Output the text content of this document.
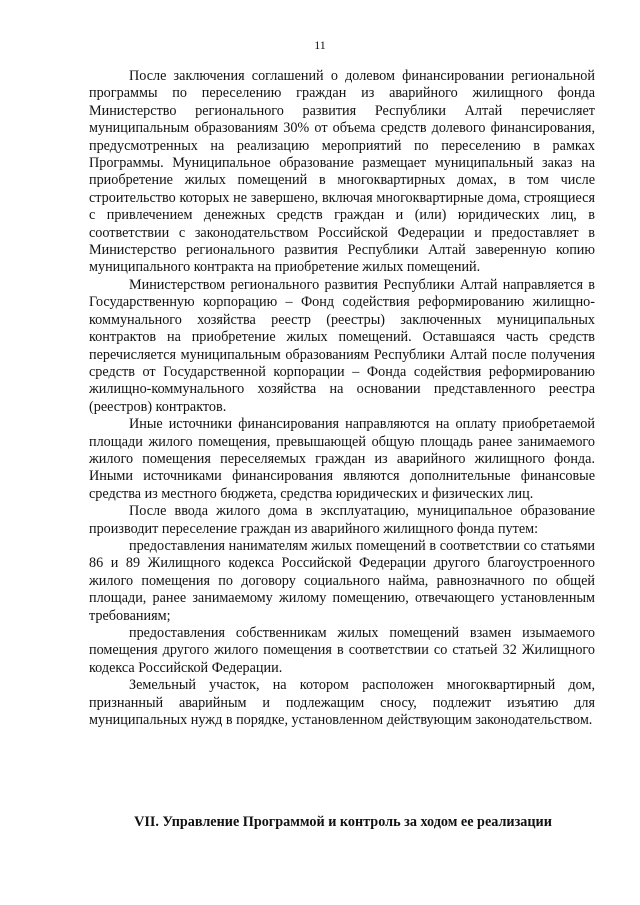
11

После заключения соглашений о долевом финансировании региональной программы по переселению граждан из аварийного жилищного фонда Министерство регионального развития Республики Алтай перечисляет муниципальным образованиям 30% от объема средств долевого финансирования, предусмотренных на реализацию мероприятий по переселению в рамках Программы. Муниципальное образование размещает муниципальный заказ на приобретение жилых помещений в многоквартирных домах, в том числе строительство которых не завершено, включая многоквартирные дома, строящиеся с привлечением денежных средств граждан и (или) юридических лиц, в соответствии с законодательством Российской Федерации и предоставляет в Министерство регионального развития Республики Алтай заверенную копию муниципального контракта на приобретение жилых помещений.

Министерством регионального развития Республики Алтай направляется в Государственную корпорацию – Фонд содействия реформированию жилищно-коммунального хозяйства реестр (реестры) заключенных муниципальных контрактов на приобретение жилых помещений. Оставшаяся часть средств перечисляется муниципальным образованиям Республики Алтай после получения средств от Государственной корпорации – Фонда содействия реформированию жилищно-коммунального хозяйства на основании представленного реестра (реестров) контрактов.

Иные источники финансирования направляются на оплату приобретаемой площади жилого помещения, превышающей общую площадь ранее занимаемого жилого помещения переселяемых граждан из аварийного жилищного фонда. Иными источниками финансирования являются дополнительные финансовые средства из местного бюджета, средства юридических и физических лиц.

После ввода жилого дома в эксплуатацию, муниципальное образование производит переселение граждан из аварийного жилищного фонда путем:

предоставления нанимателям жилых помещений в соответствии со статьями 86 и 89 Жилищного кодекса Российской Федерации другого благоустроенного жилого помещения по договору социального найма, равнозначного по общей площади, ранее занимаемому жилому помещению, отвечающего установленным требованиям;

предоставления собственникам жилых помещений взамен изымаемого помещения другого жилого помещения в соответствии со статьей 32 Жилищного кодекса Российской Федерации.

Земельный участок, на котором расположен многоквартирный дом, признанный аварийным и подлежащим сносу, подлежит изъятию для муниципальных нужд в порядке, установленном действующим законодательством.

VII. Управление Программой и контроль за ходом ее реализации
